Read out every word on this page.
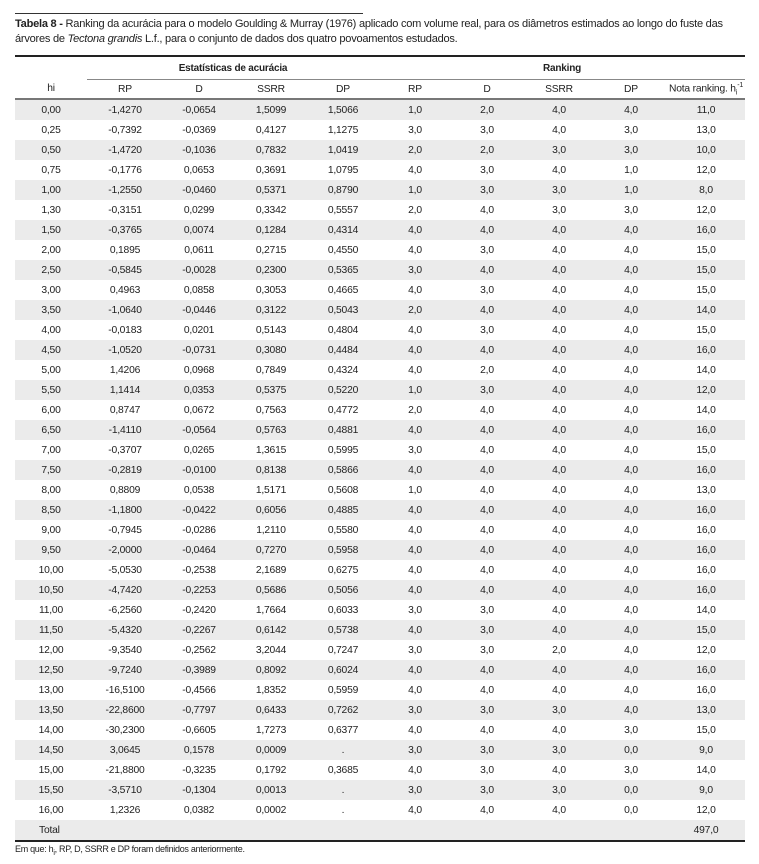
Tabela 8 - Ranking da acurácia para o modelo Goulding & Murray (1976) aplicado com volume real, para os diâmetros estimados ao longo do fuste das árvores de Tectona grandis L.f., para o conjunto de dados dos quatro povoamentos estudados.
	Estatísticas de acurácia				Ranking				
hi	RP	D	SSRR	DP	RP	D	SSRR	DP	Nota ranking. $h_i^{-1}$
0,00	-1,4270	-0,0654	1,5099	1,5066	1,0	2,0	4,0	4,0	11,0
0,25	-0,7392	-0,0369	0,4127	1,1275	3,0	3,0	4,0	3,0	13,0
0,50	-1,4720	-0,1036	0,7832	1,0419	2,0	2,0	3,0	3,0	10,0
0,75	-0,1776	0,0653	0,3691	1,0795	4,0	3,0	4,0	1,0	12,0
1,00	-1,2550	-0,0460	0,5371	0,8790	1,0	3,0	3,0	1,0	8,0
1,30	-0,3151	0,0299	0,3342	0,5557	2,0	4,0	3,0	3,0	12,0
1,50	-0,3765	0,0074	0,1284	0,4314	4,0	4,0	4,0	4,0	16,0
2,00	0,1895	0,0611	0,2715	0,4550	4,0	3,0	4,0	4,0	15,0
2,50	-0,5845	-0,0028	0,2300	0,5365	3,0	4,0	4,0	4,0	15,0
3,00	0,4963	0,0858	0,3053	0,4665	4,0	3,0	4,0	4,0	15,0
3,50	-1,0640	-0,0446	0,3122	0,5043	2,0	4,0	4,0	4,0	14,0
4,00	-0,0183	0,0201	0,5143	0,4804	4,0	3,0	4,0	4,0	15,0
4,50	-1,0520	-0,0731	0,3080	0,4484	4,0	4,0	4,0	4,0	16,0
5,00	1,4206	0,0968	0,7849	0,4324	4,0	2,0	4,0	4,0	14,0
5,50	1,1414	0,0353	0,5375	0,5220	1,0	3,0	4,0	4,0	12,0
6,00	0,8747	0,0672	0,7563	0,4772	2,0	4,0	4,0	4,0	14,0
6,50	-1,4110	-0,0564	0,5763	0,4881	4,0	4,0	4,0	4,0	16,0
7,00	-0,3707	0,0265	1,3615	0,5995	3,0	4,0	4,0	4,0	15,0
7,50	-0,2819	-0,0100	0,8138	0,5866	4,0	4,0	4,0	4,0	16,0
8,00	0,8809	0,0538	1,5171	0,5608	1,0	4,0	4,0	4,0	13,0
8,50	-1,1800	-0,0422	0,6056	0,4885	4,0	4,0	4,0	4,0	16,0
9,00	-0,7945	-0,0286	1,2110	0,5580	4,0	4,0	4,0	4,0	16,0
9,50	-2,0000	-0,0464	0,7270	0,5958	4,0	4,0	4,0	4,0	16,0
10,00	-5,0530	-0,2538	2,1689	0,6275	4,0	4,0	4,0	4,0	16,0
10,50	-4,7420	-0,2253	0,5686	0,5056	4,0	4,0	4,0	4,0	16,0
11,00	-6,2560	-0,2420	1,7664	0,6033	3,0	3,0	4,0	4,0	14,0
11,50	-5,4320	-0,2267	0,6142	0,5738	4,0	3,0	4,0	4,0	15,0
12,00	-9,3540	-0,2562	3,2044	0,7247	3,0	3,0	2,0	4,0	12,0
12,50	-9,7240	-0,3989	0,8092	0,6024	4,0	4,0	4,0	4,0	16,0
13,00	-16,5100	-0,4566	1,8352	0,5959	4,0	4,0	4,0	4,0	16,0
13,50	-22,8600	-0,7797	0,6433	0,7262	3,0	3,0	3,0	4,0	13,0
14,00	-30,2300	-0,6605	1,7273	0,6377	4,0	4,0	4,0	3,0	15,0
14,50	3,0645	0,1578	0,0009	.	3,0	3,0	3,0	0,0	9,0
15,00	-21,8800	-0,3235	0,1792	0,3685	4,0	3,0	4,0	3,0	14,0
15,50	-3,5710	-0,1304	0,0013	.	3,0	3,0	3,0	0,0	9,0
16,00	1,2326	0,0382	0,0002	.	4,0	4,0	4,0	0,0	12,0
Total									497,0
Em que: $h_i$, RP, D, SSRR e DP foram definidos anteriormente.
